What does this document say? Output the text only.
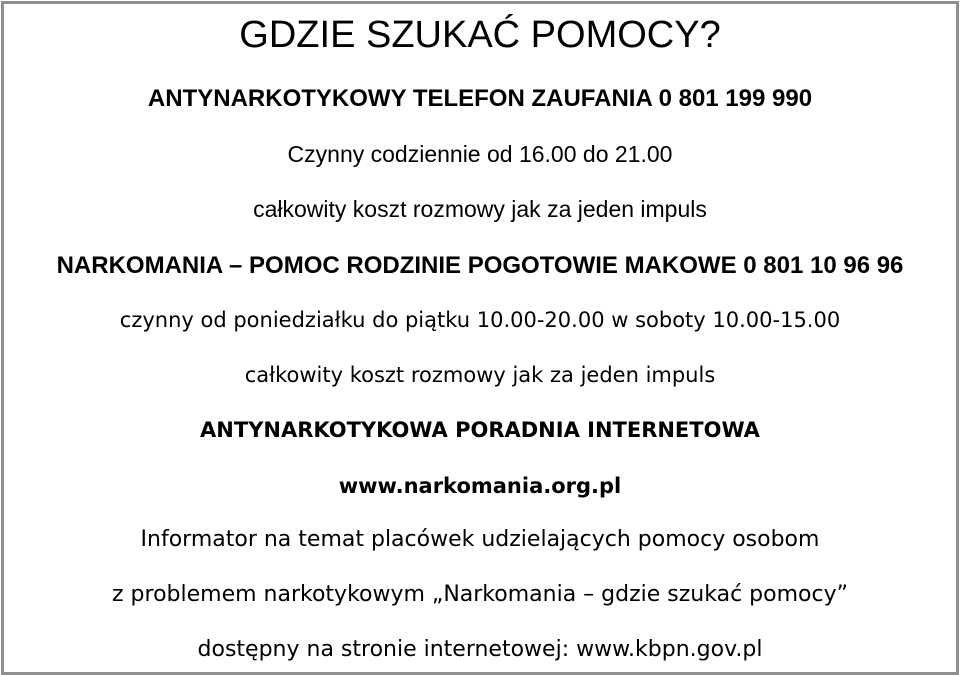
GDZIE SZUKAĆ POMOCY?
ANTYNARKOTYKOWY TELEFON ZAUFANIA 0 801 199 990
Czynny codziennie od 16.00 do 21.00
całkowity koszt rozmowy jak za jeden impuls
NARKOMANIA – POMOC RODZINIE POGOTOWIE MAKOWE 0 801 10 96 96
czynny od poniedziałku do piątku 10.00-20.00 w soboty 10.00-15.00
całkowity koszt rozmowy jak za jeden impuls
ANTYNARKOTYKOWA PORADNIA INTERNETOWA
www.narkomania.org.pl
Informator na temat placówek udzielających pomocy osobom
z problemem narkotykowym „Narkomania – gdzie szukać pomocy”
dostępny na stronie internetowej: www.kbpn.gov.pl
